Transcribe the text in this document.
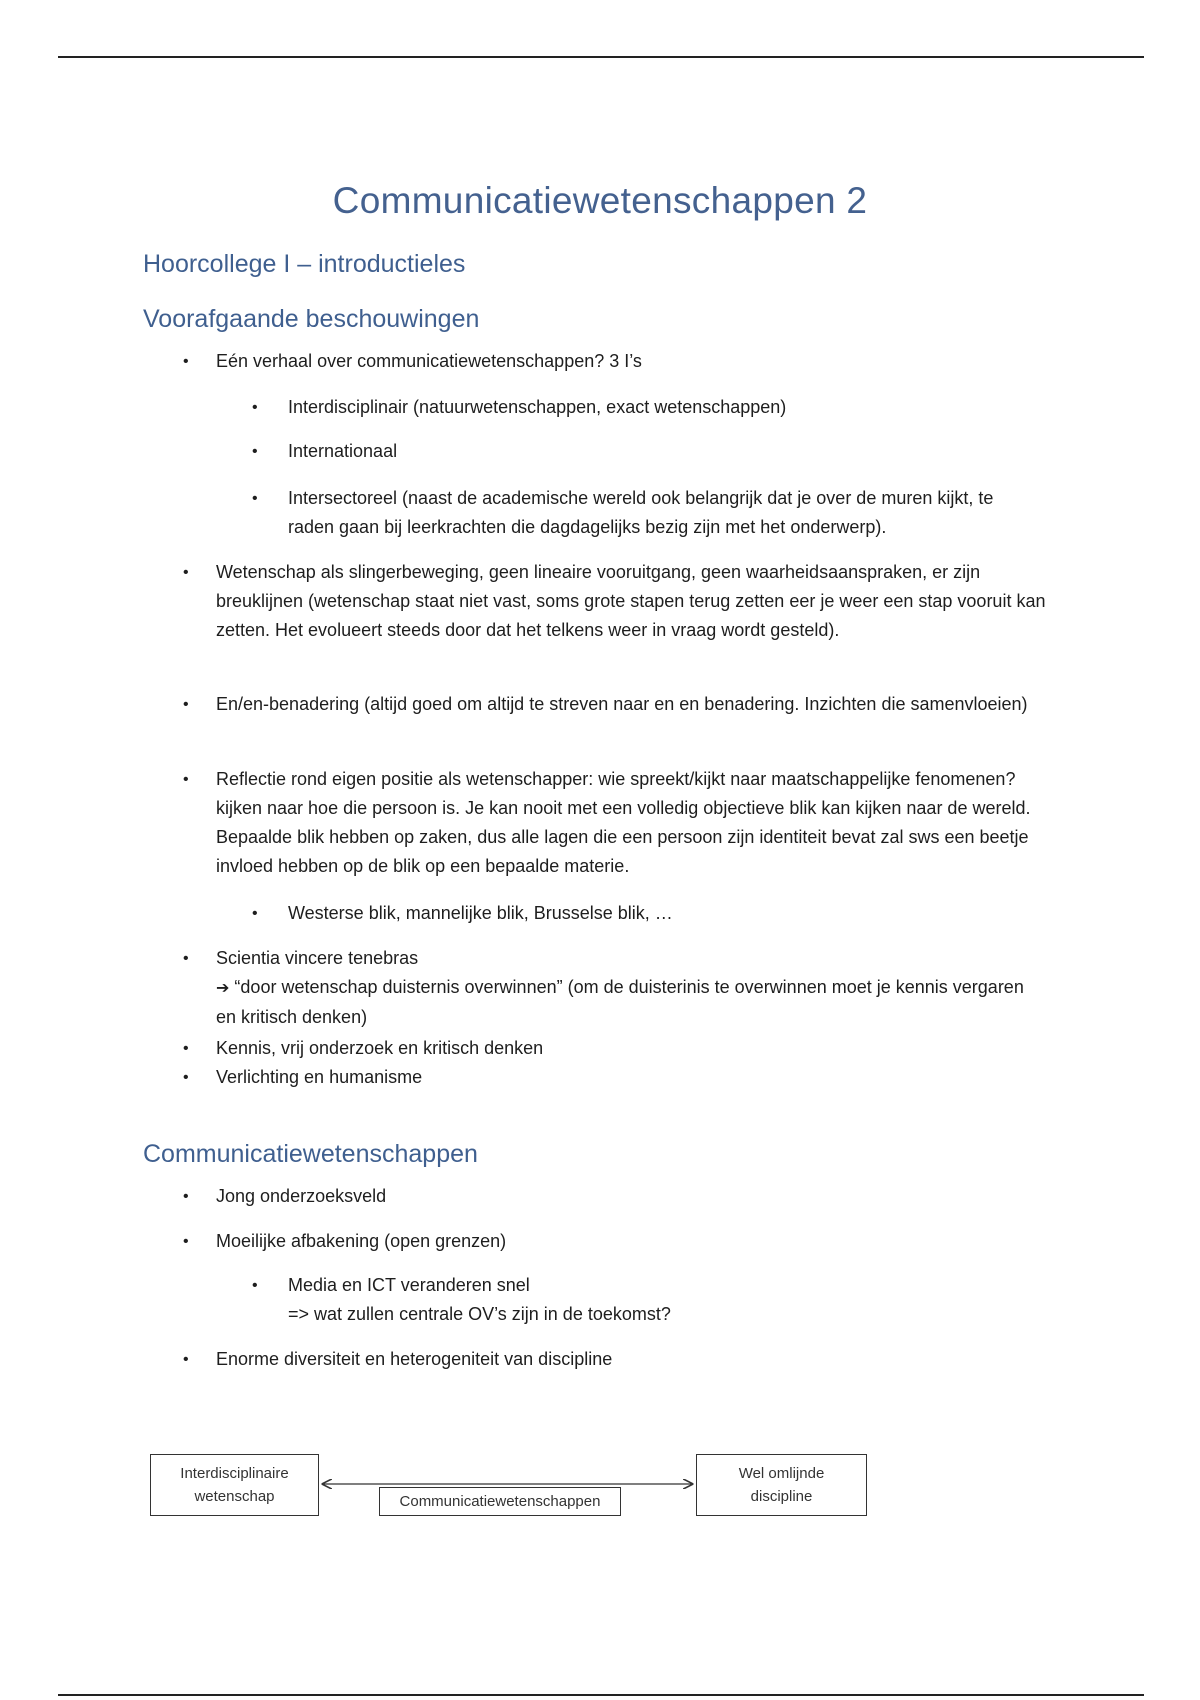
Communicatiewetenschappen 2
Hoorcollege I – introductieles
Voorafgaande beschouwingen
• Eén verhaal over communicatiewetenschappen? 3 I’s
• Interdisciplinair (natuurwetenschappen, exact wetenschappen)
• Internationaal
• Intersectoreel (naast de academische wereld ook belangrijk dat je over de muren kijkt, te raden gaan bij leerkrachten die dagdagelijks bezig zijn met het onderwerp).
• Wetenschap als slingerbeweging, geen lineaire vooruitgang, geen waarheidsaanspraken, er zijn breuklijnen (wetenschap staat niet vast, soms grote stapen terug zetten eer je weer een stap vooruit kan zetten. Het evolueert steeds door dat het telkens weer in vraag wordt gesteld).
• En/en-benadering (altijd goed om altijd te streven naar en en benadering. Inzichten die samenvloeien)
• Reflectie rond eigen positie als wetenschapper: wie spreekt/kijkt naar maatschappelijke fenomenen? kijken naar hoe die persoon is. Je kan nooit met een volledig objectieve blik kan kijken naar de wereld. Bepaalde blik hebben op zaken, dus alle lagen die een persoon zijn identiteit bevat zal sws een beetje invloed hebben op de blik op een bepaalde materie.
• Westerse blik, mannelijke blik, Brusselse blik, …
• Scientia vincere tenebras
➔ “door wetenschap duisternis overwinnen” (om de duisterinis te overwinnen moet je kennis vergaren en kritisch denken)
• Kennis, vrij onderzoek en kritisch denken
• Verlichting en humanisme
Communicatiewetenschappen
• Jong onderzoeksveld
• Moeilijke afbakening (open grenzen)
• Media en ICT veranderen snel
=> wat zullen centrale OV’s zijn in de toekomst?
• Enorme diversiteit en heterogeniteit van discipline
Interdisciplinaire wetenschap	Communicatiewetenschappen
Wel omlijnde discipline
